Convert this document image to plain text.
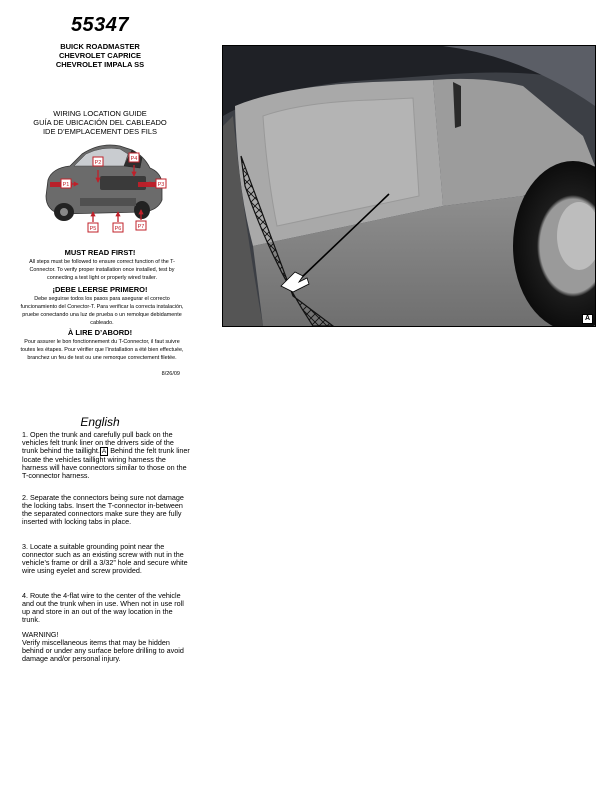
55347
BUICK ROADMASTER
CHEVROLET CAPRICE
CHEVROLET IMPALA SS
WIRING LOCATION GUIDE
GUÍA DE UBICACIÓN DEL CABLEADO
IDE D’EMPLACEMENT DES FILS
P1
P2
P3
P4
P5	P6	P7
MUST READ FIRST!
All steps must be followed to ensure correct function of the T-Connector. To verify proper installation once installed, test by connecting a test light or properly wired trailer.
¡DEBE LEERSE PRIMERO!
Debe seguirse todos los pasos para asegurar el correcto funcionamiento del Conector-T. Para verificar la correcta instalación, pruebe conectando una luz de prueba o un remolque debidamente cableado.
À LIRE D’ABORD!
Pour assurer le bon fonctionnement du T-Connector, il faut suivre toutes les étapes. Pour vérifier que l’installation a été bien effectuée, branchez un feu de test ou une remorque correctement filetée.
8/26/09
English
1. Open the trunk and carefully pull back on the vehicles felt trunk liner on the drivers side of the trunk behind the taillight. A Behind the felt trunk liner locate the vehicles taillight wiring harness the harness will have connectors similar to those on the T-connector harness.
2. Separate the connectors being sure not damage the locking tabs. Insert the T-connector in-between the separated connectors make sure they are fully inserted with locking tabs in place.
3. Locate a suitable grounding point near the connector such as an existing screw with nut in the vehicle’s frame or drill a 3/32” hole and secure white wire using eyelet and screw provided.
4. Route the 4-flat wire to the center of the vehicle and out the trunk when in use. When not in use roll up and store in an out of the way location in the trunk.
WARNING!
Verify miscellaneous items that may be hidden behind or under any surface before drilling to avoid damage and/or personal injury.
A
